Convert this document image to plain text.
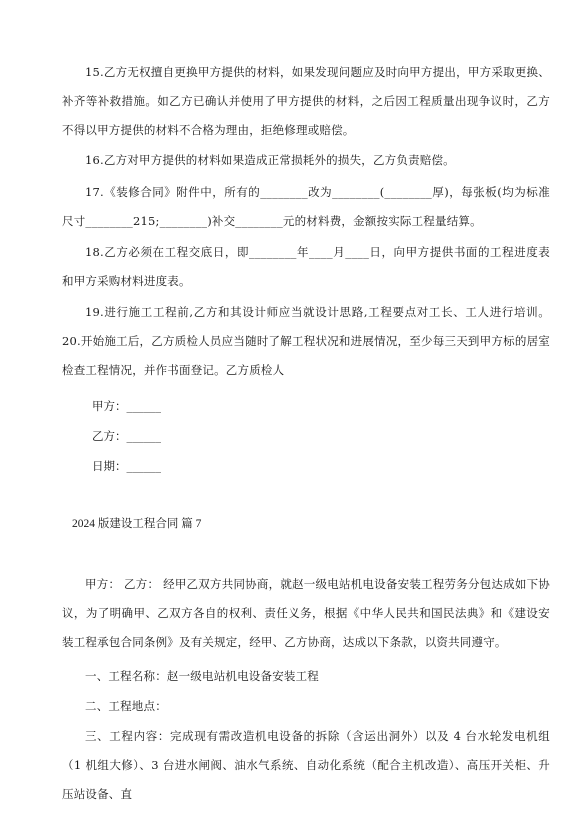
15.乙方无权擅自更换甲方提供的材料，如果发现问题应及时向甲方提出，甲方采取更换、补齐等补救措施。如乙方已确认并使用了甲方提供的材料，之后因工程质量出现争议时，乙方不得以甲方提供的材料不合格为理由，拒绝修理或赔偿。

16.乙方对甲方提供的材料如果造成正常损耗外的损失，乙方负责赔偿。

17.《装修合同》附件中，所有的________改为________(________厚)，每张板(均为标准尺寸________215;________)补交________元的材料费，金额按实际工程量结算。

18.乙方必须在工程交底日，即________年____月____日，向甲方提供书面的工程进度表和甲方采购材料进度表。

19.进行施工工程前,乙方和其设计师应当就设计思路,工程要点对工长、工人进行培训。 20.开始施工后，乙方质检人员应当随时了解工程状况和进展情况，至少每三天到甲方标的居室检查工程情况，并作书面登记。乙方质检人

甲方：______

乙方：______

日期：______

2024 版建设工程合同 篇 7

甲方： 乙方： 经甲乙双方共同协商，就赵一级电站机电设备安装工程劳务分包达成如下协议，为了明确甲、乙双方各自的权利、责任义务，根据《中华人民共和国民法典》和《建设安装工程承包合同条例》及有关规定，经甲、乙方协商，达成以下条款，以资共同遵守。

一、工程名称：赵一级电站机电设备安装工程

二、工程地点：

三、工程内容：完成现有需改造机电设备的拆除（含运出洞外）以及 4 台水轮发电机组（1 机组大修）、3 台进水闸阀、油水气系统、自动化系统（配合主机改造）、高压开关柜、升压站设备、直
